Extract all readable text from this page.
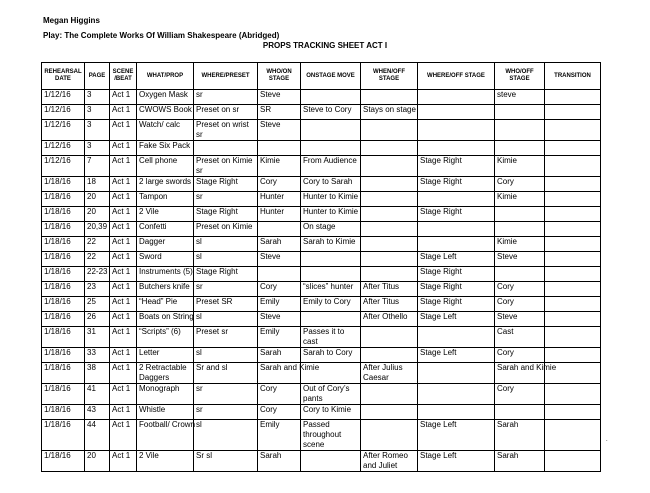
Megan Higgins
Play: The Complete Works Of William Shakespeare (Abridged)
PROPS TRACKING SHEET ACT I
REHEARSAL DATE	PAGE	SCENE /BEAT	WHAT/PROP	WHERE/PRESET	WHO/ON STAGE	ONSTAGE MOVE	WHEN/OFF STAGE	WHERE/OFF STAGE	WHO/OFF STAGE	TRANSITION
1/12/16	3	Act 1	Oxygen Mask	sr	Steve				steve	
1/12/16	3	Act 1	CWOWS Book	Preset on sr	SR	Steve to Cory	Stays on stage			
1/12/16	3	Act 1	Watch/ calc	Preset on wrist sr	Steve					
1/12/16	3	Act 1	Fake Six Pack							
1/12/16	7	Act 1	Cell phone	Preset on Kimie sr	Kimie	From Audience		Stage Right	Kimie	
1/18/16	18	Act 1	2 large swords	Stage Right	Cory	Cory to Sarah		Stage Right	Cory	
1/18/16	20	Act 1	Tampon	sr	Hunter	Hunter to Kimie			Kimie	
1/18/16	20	Act 1	2 Vile	Stage Right	Hunter	Hunter to Kimie		Stage Right		
1/18/16	20,39	Act 1	Confetti	Preset on Kimie		On stage				
1/18/16	22	Act 1	Dagger	sl	Sarah	Sarah to Kimie			Kimie	
1/18/16	22	Act 1	Sword	sl	Steve			Stage Left	Steve	
1/18/16	22-23	Act 1	Instruments (5)	Stage Right				Stage Right		
1/18/16	23	Act 1	Butchers knife	sr	Cory	“slices” hunter	After Titus	Stage Right	Cory	
1/18/16	25	Act 1	“Head” Pie	Preset SR	Emily	Emily to Cory	After Titus	Stage Right	Cory	
1/18/16	26	Act 1	Boats on String	sl	Steve		After Othello	Stage Left	Steve	
1/18/16	31	Act 1	“Scripts” (6)	Preset sr	Emily	Passes it to cast			Cast	
1/18/16	33	Act 1	Letter	sl	Sarah	Sarah to Cory		Stage Left	Cory	
1/18/16	38	Act 1	2 Retractable Daggers	Sr and sl	Sarah and Kimie		After Julius Caesar		Sarah and Kimie	
1/18/16	41	Act 1	Monograph	sr	Cory	Out of Cory’s pants			Cory	
1/18/16	43	Act 1	Whistle	sr	Cory	Cory to Kimie				
1/18/16	44	Act 1	Football/ Crown	sl	Emily	Passed throughout scene		Stage Left	Sarah	
1/18/16	20	Act 1	2 Vile	Sr sl	Sarah		After Romeo and Juliet	Stage Left	Sarah	
.
